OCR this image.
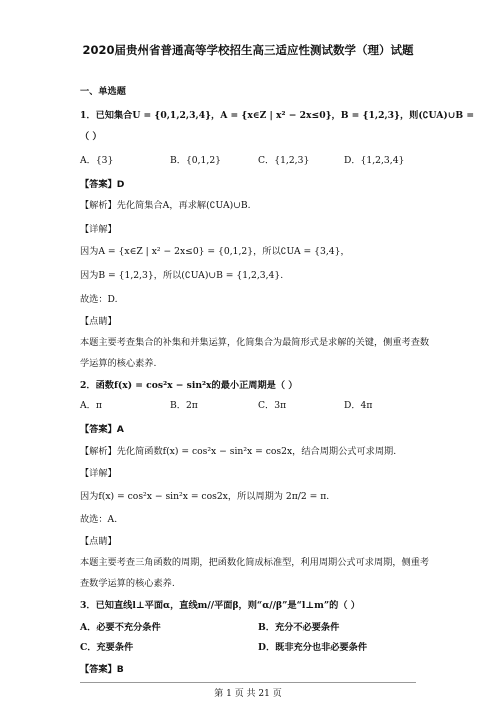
2020届贵州省普通高等学校招生高三适应性测试数学（理）试题
一、单选题
1．已知集合U = {0,1,2,3,4}，A = {x∈Z | x² − 2x≤0}，B = {1,2,3}，则(∁UA)∪B =
（ ）
A．{3}	B．{0,1,2}	C．{1,2,3}	D．{1,2,3,4}
【答案】D
【解析】先化简集合A，再求解(∁UA)∪B.
【详解】
因为A = {x∈Z | x² − 2x≤0} = {0,1,2}，所以∁UA = {3,4}，
因为B = {1,2,3}，所以(∁UA)∪B = {1,2,3,4}.
故选：D.
【点睛】
本题主要考查集合的补集和并集运算，化简集合为最简形式是求解的关键，侧重考查数
学运算的核心素养.
2．函数f(x) = cos²x − sin²x的最小正周期是（ ）
A．π	B．2π	C．3π	D．4π
【答案】A
【解析】先化简函数f(x) = cos²x − sin²x = cos2x，结合周期公式可求周期.
【详解】
因为f(x) = cos²x − sin²x = cos2x，所以周期为 2π/2 = π.
故选：A.
【点睛】
本题主要考查三角函数的周期，把函数化简成标准型，利用周期公式可求周期，侧重考
查数学运算的核心素养.
3．已知直线l⊥平面α，直线m//平面β，则“α//β”是“l⊥m”的（ ）
A．必要不充分条件	B．充分不必要条件
C．充要条件	D．既非充分也非必要条件
【答案】B
第 1 页 共 21 页
